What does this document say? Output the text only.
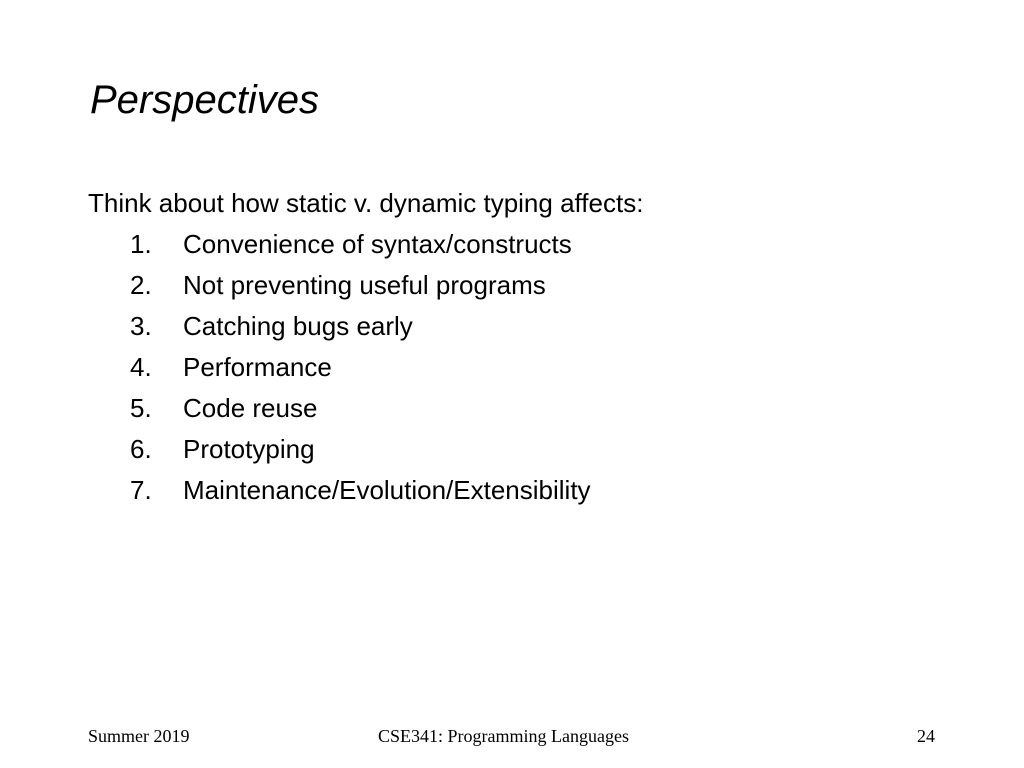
Perspectives
Think about how static v. dynamic typing affects:
1. Convenience of syntax/constructs
2. Not preventing useful programs
3. Catching bugs early
4. Performance
5. Code reuse
6. Prototyping
7. Maintenance/Evolution/Extensibility
Summer 2019	CSE341: Programming Languages	24
